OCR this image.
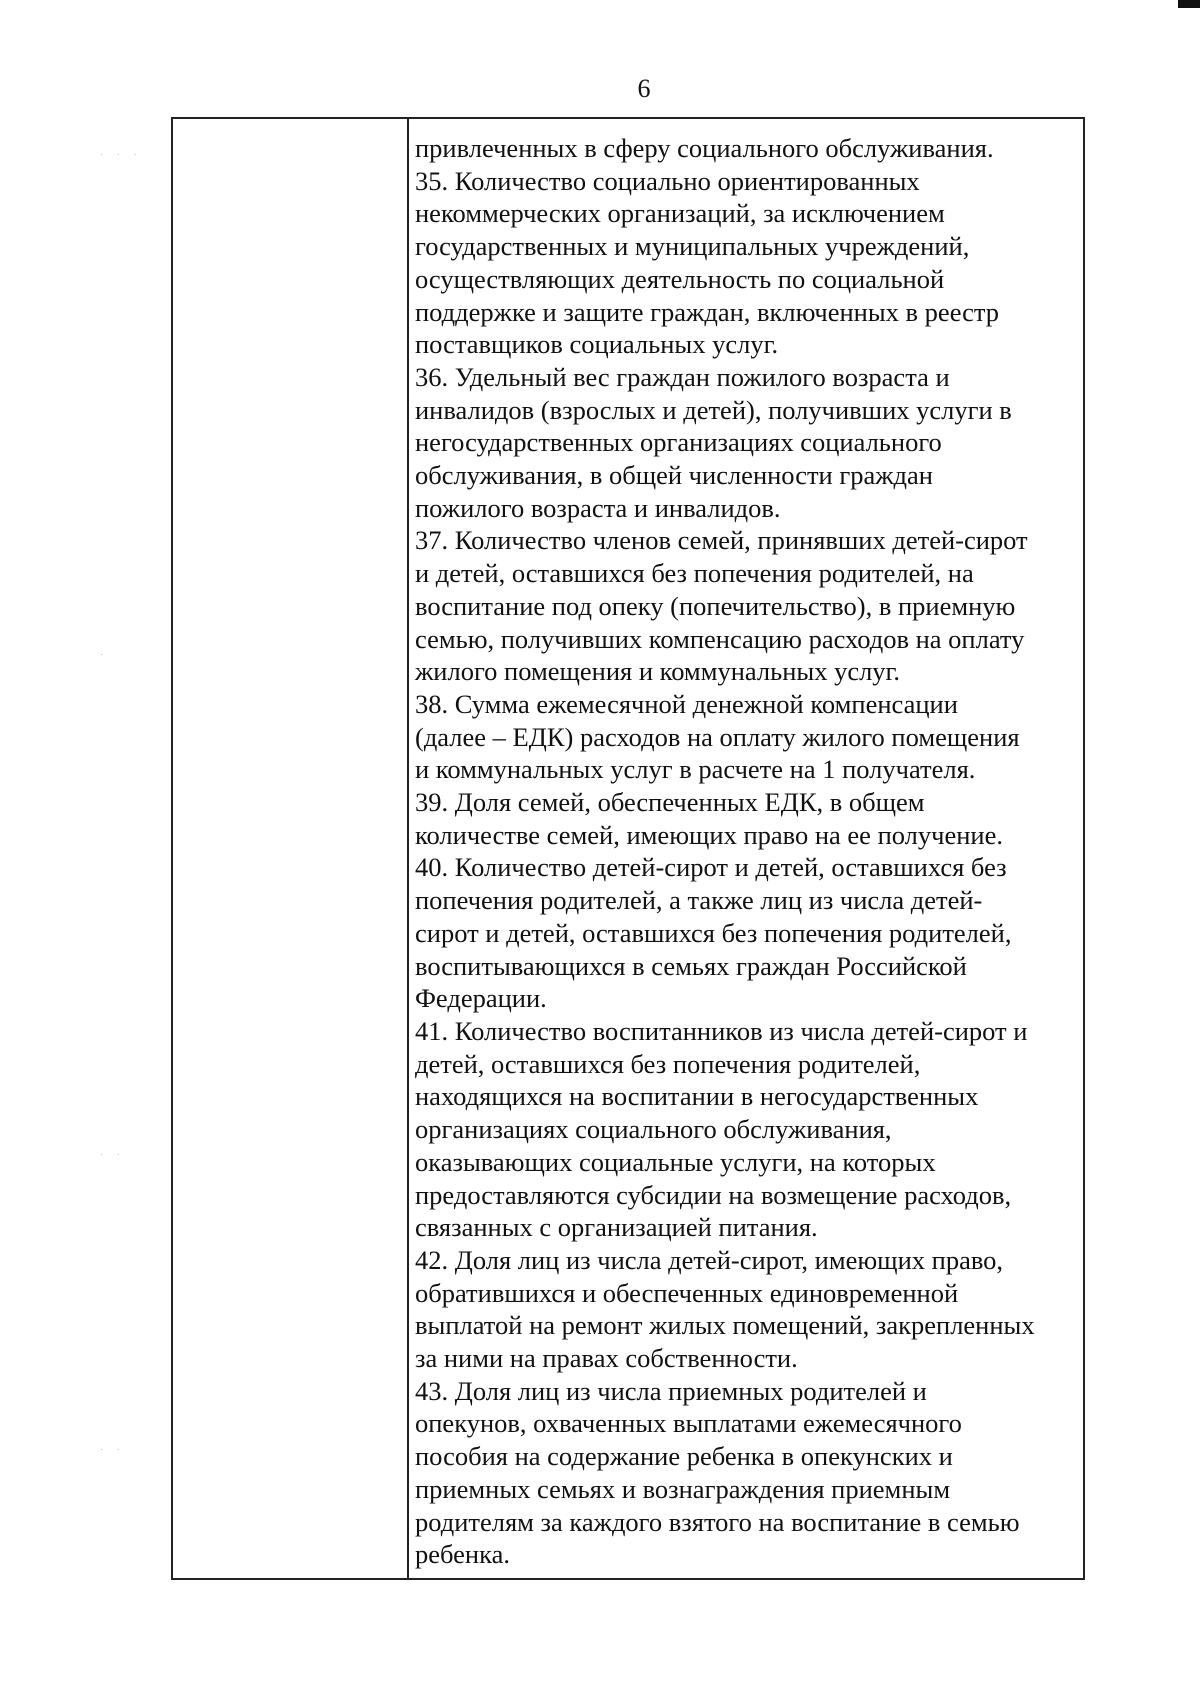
6
· · ·
·
· ·
· ·
привлеченных в сферу социального обслуживания.
35. Количество социально ориентированных
некоммерческих организаций, за исключением
государственных и муниципальных учреждений,
осуществляющих деятельность по социальной
поддержке и защите граждан, включенных в реестр
поставщиков социальных услуг.
36. Удельный вес граждан пожилого возраста и
инвалидов (взрослых и детей), получивших услуги в
негосударственных организациях социального
обслуживания, в общей численности граждан
пожилого возраста и инвалидов.
37. Количество членов семей, принявших детей-сирот
и детей, оставшихся без попечения родителей, на
воспитание под опеку (попечительство), в приемную
семью, получивших компенсацию расходов на оплату
жилого помещения и коммунальных услуг.
38. Сумма ежемесячной денежной компенсации
(далее – ЕДК) расходов на оплату жилого помещения
и коммунальных услуг в расчете на 1 получателя.
39. Доля семей, обеспеченных ЕДК, в общем
количестве семей, имеющих право на ее получение.
40. Количество детей-сирот и детей, оставшихся без
попечения родителей, а также лиц из числа детей-
сирот и детей, оставшихся без попечения родителей,
воспитывающихся в семьях граждан Российской
Федерации.
41. Количество воспитанников из числа детей-сирот и
детей, оставшихся без попечения родителей,
находящихся на воспитании в негосударственных
организациях социального обслуживания,
оказывающих социальные услуги, на которых
предоставляются субсидии на возмещение расходов,
связанных с организацией питания.
42. Доля лиц из числа детей-сирот, имеющих право,
обратившихся и обеспеченных единовременной
выплатой на ремонт жилых помещений, закрепленных
за ними на правах собственности.
43. Доля лиц из числа приемных родителей и
опекунов, охваченных выплатами ежемесячного
пособия на содержание ребенка в опекунских и
приемных семьях и вознаграждения приемным
родителям за каждого взятого на воспитание в семью
ребенка.
